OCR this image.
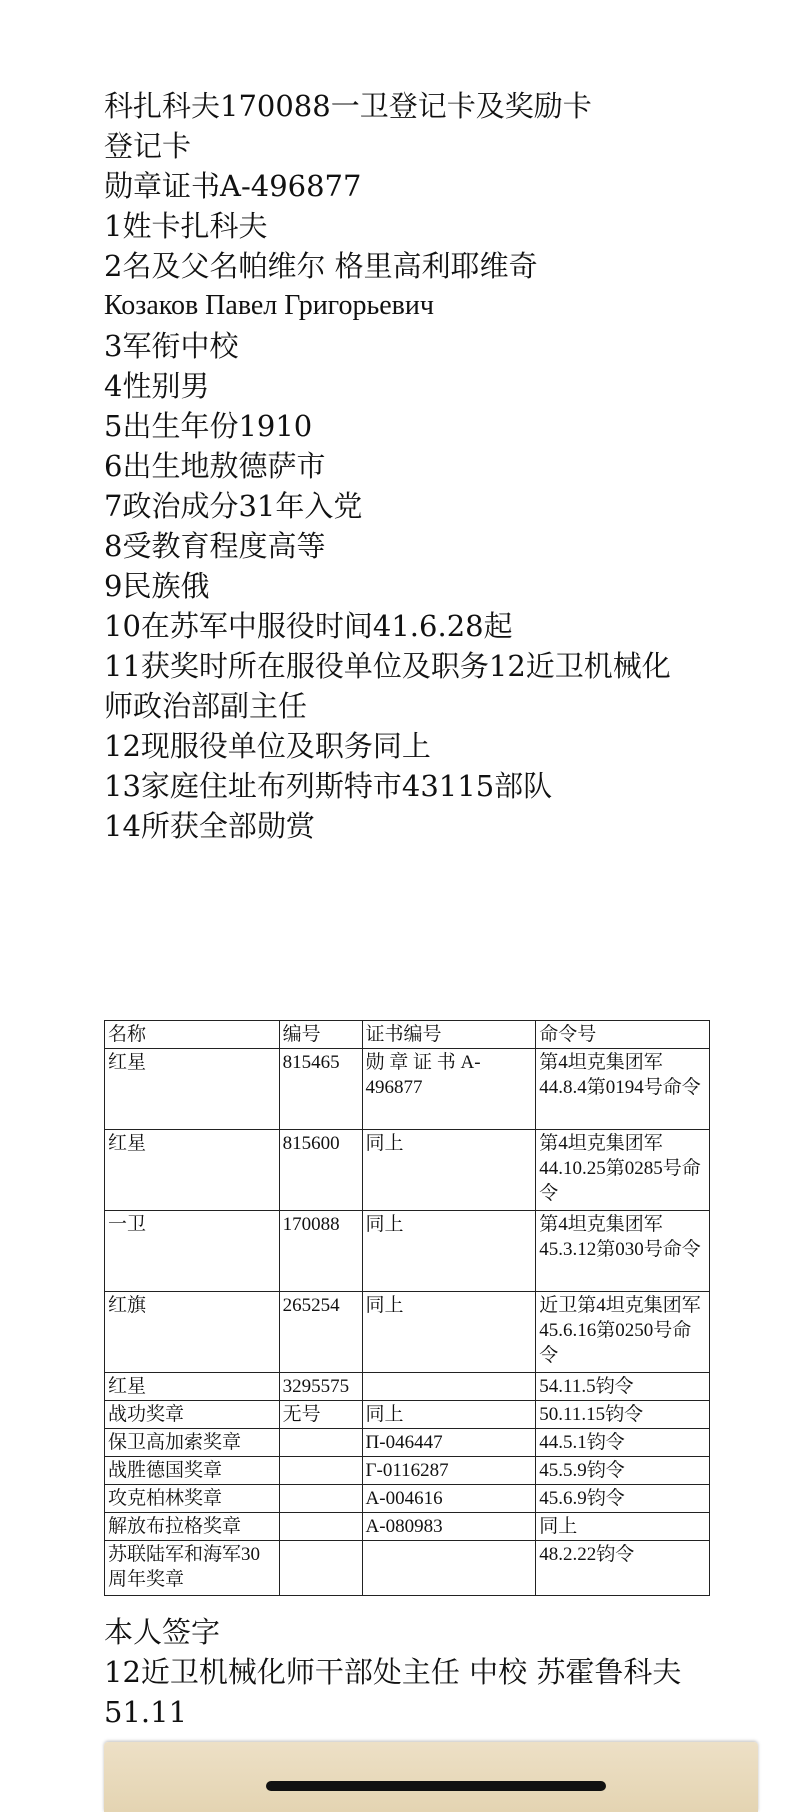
科扎科夫170088一卫登记卡及奖励卡
登记卡
勋章证书A-496877
1姓卡扎科夫
2名及父名帕维尔 格里高利耶维奇
Козаков Павел Григорьевич
3军衔中校
4性别男
5出生年份1910
6出生地敖德萨市
7政治成分31年入党
8受教育程度高等
9民族俄
10在苏军中服役时间41.6.28起
11获奖时所在服役单位及职务12近卫机械化
师政治部副主任
12现服役单位及职务同上
13家庭住址布列斯特市43115部队
14所获全部勋赏
名称	编号	证书编号	命令号
红星	815465	勋 章 证 书 A-496877	第4坦克集团军44.8.4第0194号命令
红星	815600	同上	第4坦克集团军44.10.25第0285号命令
一卫	170088	同上	第4坦克集团军45.3.12第030号命令
红旗	265254	同上	近卫第4坦克集团军45.6.16第0250号命令
红星	3295575		54.11.5钧令
战功奖章	无号	同上	50.11.15钧令
保卫高加索奖章		П-046447	44.5.1钧令
战胜德国奖章		Г-0116287	45.5.9钧令
攻克柏林奖章		А-004616	45.6.9钧令
解放布拉格奖章		А-080983	同上
苏联陆军和海军30周年奖章			48.2.22钧令
本人签字
12近卫机械化师干部处主任 中校 苏霍鲁科夫
51.11
